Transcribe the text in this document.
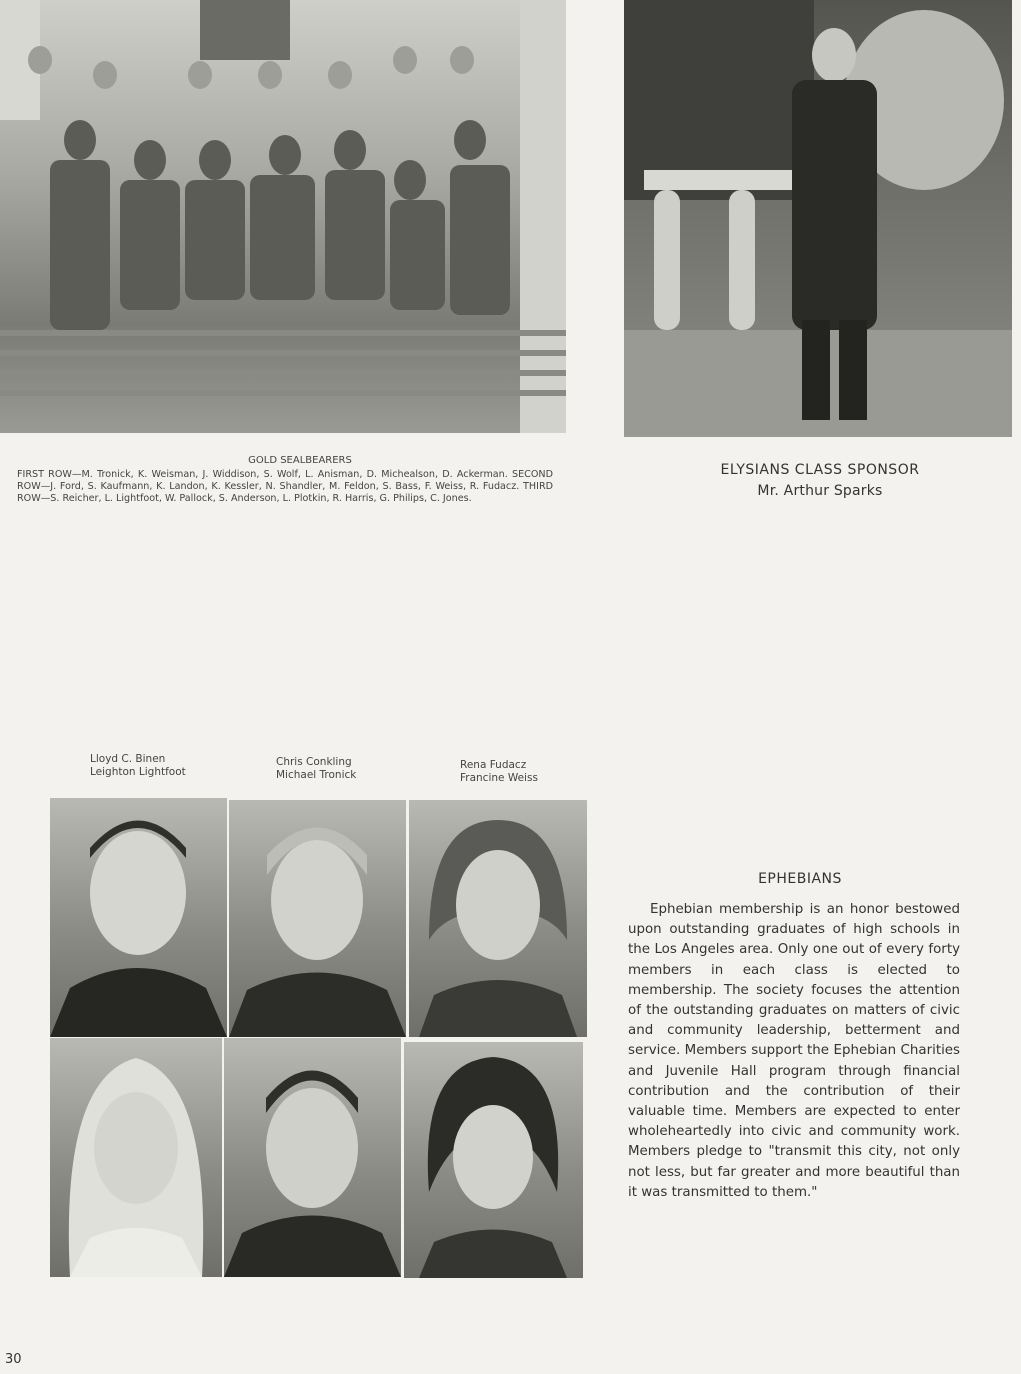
GOLD SEALBEARERS
FIRST ROW—M. Tronick, K. Weisman, J. Widdison, S. Wolf, L. Anisman, D. Michealson, D. Ackerman. SECOND ROW—J. Ford, S. Kaufmann, K. Landon, K. Kessler, N. Shandler, M. Feldon, S. Bass, F. Weiss, R. Fudacz. THIRD ROW—S. Reicher, L. Lightfoot, W. Pallock, S. Anderson, L. Plotkin, R. Harris, G. Philips, C. Jones.
ELYSIANS CLASS SPONSOR
Mr. Arthur Sparks
Lloyd C. Binen
Leighton Lightfoot
Chris Conkling
Michael Tronick
Rena Fudacz
Francine Weiss
EPHEBIANS

Ephebian membership is an honor bestowed upon outstanding graduates of high schools in the Los Angeles area. Only one out of every forty members in each class is elected to membership. The society focuses the attention of the outstanding graduates on matters of civic and community leadership, betterment and service. Members support the Ephebian Charities and Juvenile Hall program through financial contribution and the contribution of their valuable time. Members are expected to enter wholeheartedly into civic and community work. Members pledge to "transmit this city, not only not less, but far greater and more beautiful than it was transmitted to them."

30
